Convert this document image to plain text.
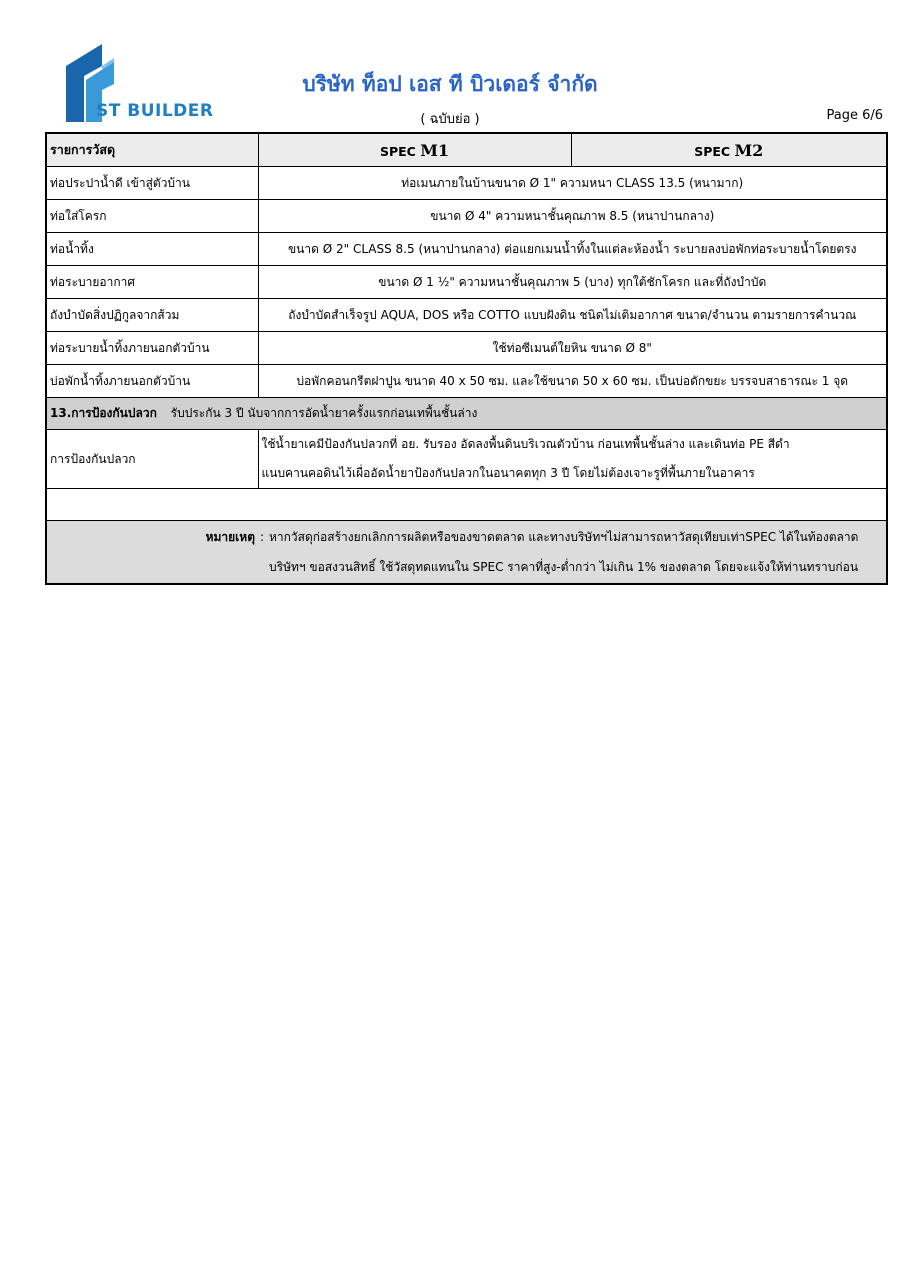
ST BUILDER
บริษัท ท็อป เอส ที บิวเดอร์ จำกัด
( ฉบับย่อ )	Page 6/6
รายการวัสดุ	SPEC M1	SPEC M2
ท่อประปาน้ำดี เข้าสู่ตัวบ้าน	ท่อเมนภายในบ้านขนาด Ø 1" ความหนา CLASS 13.5 (หนามาก)	
ท่อใส่โครก	ขนาด Ø 4" ความหนาชั้นคุณภาพ 8.5 (หนาปานกลาง)	
ท่อน้ำทิ้ง	ขนาด Ø 2" CLASS 8.5 (หนาปานกลาง) ต่อแยกเมนน้ำทิ้งในแต่ละห้องน้ำ ระบายลงบ่อพักท่อระบายน้ำโดยตรง	
ท่อระบายอากาศ	ขนาด Ø 1 ½" ความหนาชั้นคุณภาพ 5 (บาง) ทุกใต้ชักโครก และที่ถังบำบัด	
ถังบำบัดสิ่งปฏิกูลจากส้วม	ถังบำบัดสำเร็จรูป AQUA, DOS หรือ COTTO แบบฝังดิน ชนิดไม่เติมอากาศ ขนาด/จำนวน ตามรายการคำนวณ	
ท่อระบายน้ำทิ้งภายนอกตัวบ้าน	ใช้ท่อซีเมนต์ใยหิน ขนาด Ø 8"	
บ่อพักน้ำทิ้งภายนอกตัวบ้าน	บ่อพักคอนกรีตฝาปูน ขนาด 40 x 50 ซม. และใช้ขนาด 50 x 60 ซม. เป็นบ่อดักขยะ บรรจบสาธารณะ 1 จุด	
13.การป้องกันปลวก รับประกัน 3 ปี นับจากการอัดน้ำยาครั้งแรกก่อนเทพื้นชั้นล่าง		
การป้องกันปลวก	ใช้น้ำยาเคมีป้องกันปลวกที่ อย. รับรอง อัดลงพื้นดินบริเวณตัวบ้าน ก่อนเทพื้นชั้นล่าง และเดินท่อ PE สีดำ
แนบคานคอดินไว้เผื่ออัดน้ำยาป้องกันปลวกในอนาคตทุก 3 ปี โดยไม่ต้องเจาะรูที่พื้นภายในอาคาร	

หมายเหตุ : หากวัสดุก่อสร้างยกเลิกการผลิตหรือของขาดตลาด และทางบริษัทฯไม่สามารถหาวัสดุเทียบเท่าSPEC ได้ในท้องตลาด
บริษัทฯ ขอสงวนสิทธิ์ ใช้วัสดุทดแทนใน SPEC ราคาที่สูง-ต่ำกว่า ไม่เกิน 1% ของตลาด โดยจะแจ้งให้ท่านทราบก่อน		
